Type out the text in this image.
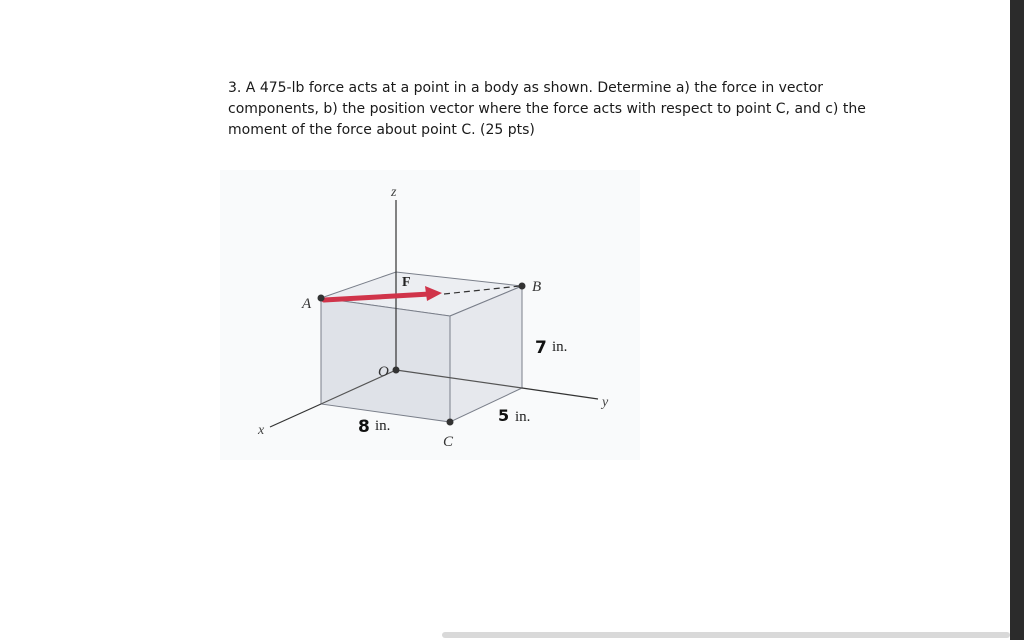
3. A 475-lb force acts at a point in a body as shown. Determine a) the force in vector
components, b) the position vector where the force acts with respect to point C, and c) the
moment of the force about point C. (25 pts)
z
y
x
A
B
O
C
F
7 in.
8 in.
5 in.
